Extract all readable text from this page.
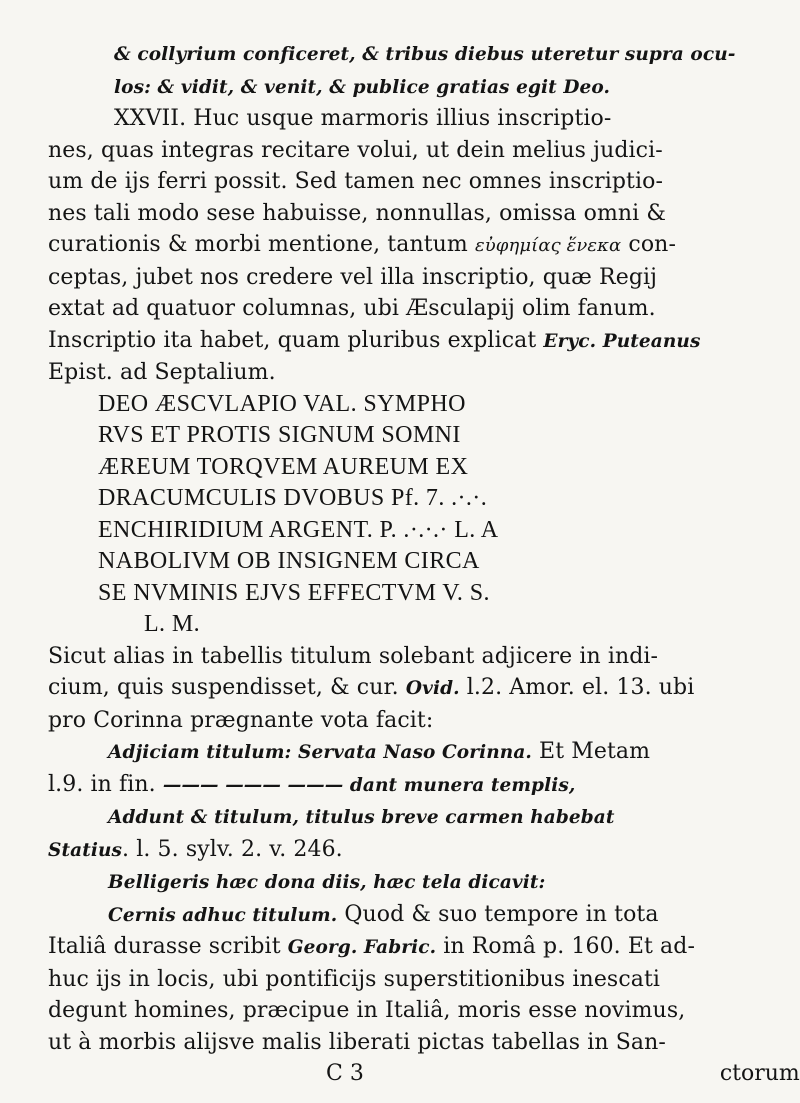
& collyrium conficeret, & tribus diebus uteretur supra ocu-
los: & vidit, & venit, & publice gratias egit Deo.
XXVII. Huc usque marmoris illius inscriptio-
nes, quas integras recitare volui, ut dein melius judici-
um de ijs ferri possit. Sed tamen nec omnes inscriptio-
nes tali modo sese habuisse, nonnullas, omissa omni &
curationis & morbi mentione, tantum εὐφημίας ἕνεκα con-
ceptas, jubet nos credere vel illa inscriptio, quæ Regij
extat ad quatuor columnas, ubi Æsculapij olim fanum.
Inscriptio ita habet, quam pluribus explicat Eryc. Puteanus
Epist. ad Septalium.
DEO ÆSCVLAPIO VAL. SYMPHO
RVS ET PROTIS SIGNUM SOMNI
ÆREUM TORQVEM AUREUM EX
DRACUMCULIS DVOBUS Pf. 7. .·.·.
ENCHIRIDIUM ARGENT. P. .·.·.· L. A
NABOLIVM OB INSIGNEM CIRCA
SE NVMINIS EJVS EFFECTVM V. S.
L. M.
Sicut alias in tabellis titulum solebant adjicere in indi-
cium, quis suspendisset, & cur. Ovid. l.2. Amor. el. 13. ubi
pro Corinna prægnante vota facit:
Adjiciam titulum: Servata Naso Corinna. Et Metam
l.9. in fin. ——— ——— ——— dant munera templis,
Addunt & titulum, titulus breve carmen habebat
Statius. l. 5. sylv. 2. v. 246.
Belligeris hæc dona diis, hæc tela dicavit:
Cernis adhuc titulum. Quod & suo tempore in tota
Italiâ durasse scribit Georg. Fabric. in Româ p. 160. Et ad-
huc ijs in locis, ubi pontificijs superstitionibus inescati
degunt homines, præcipue in Italiâ, moris esse novimus,
ut à morbis alijsve malis liberati pictas tabellas in San-
C 3	ctorum
